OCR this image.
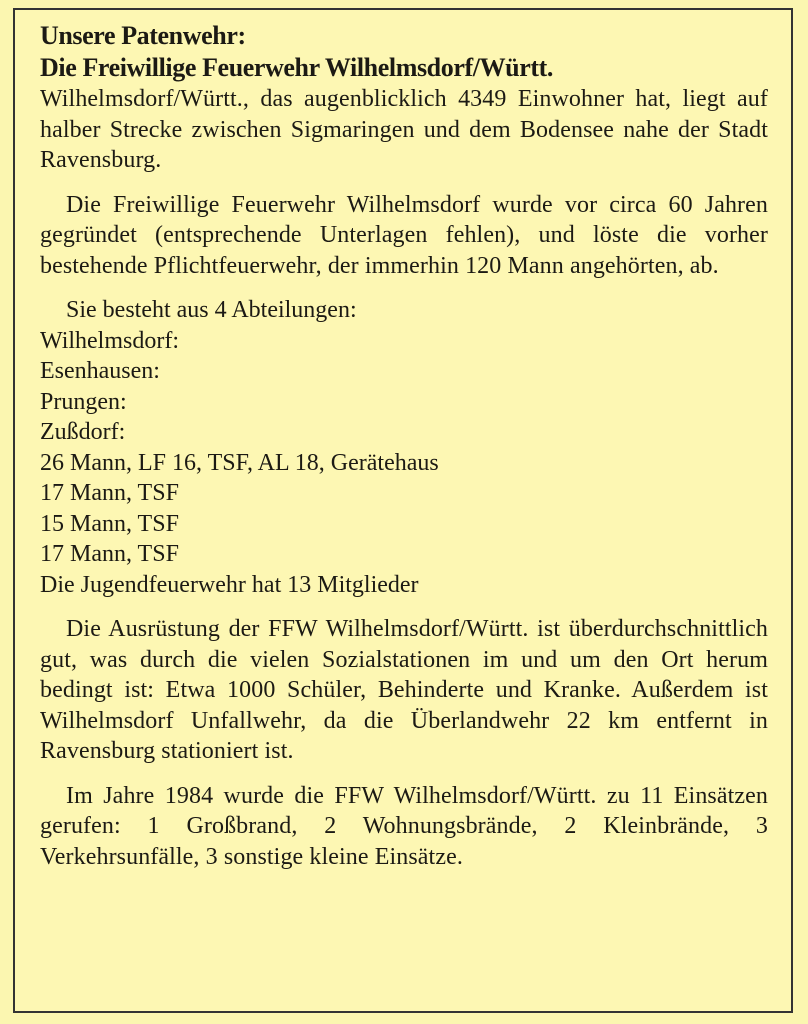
Unsere Patenwehr:

Die Freiwillige Feuerwehr Wilhelmsdorf/Württ.

Wilhelmsdorf/Württ., das augenblicklich 4349 Einwohner hat, liegt auf halber Strecke zwischen Sigmaringen und dem Bodensee nahe der Stadt Ravensburg.

Die Freiwillige Feuerwehr Wilhelmsdorf wurde vor circa 60 Jahren gegründet (entsprechende Unterlagen fehlen), und löste die vorher bestehende Pflichtfeuerwehr, der immerhin 120 Mann angehörten, ab.

Sie besteht aus 4 Abteilungen:

Wilhelmsdorf:

Esenhausen:

Prungen:

Zußdorf:

26 Mann, LF 16, TSF, AL 18, Gerätehaus

17 Mann, TSF

15 Mann, TSF

17 Mann, TSF

Die Jugendfeuerwehr hat 13 Mitglieder

Die Ausrüstung der FFW Wilhelmsdorf/Württ. ist überdurchschnittlich gut, was durch die vielen Sozialstationen im und um den Ort herum bedingt ist: Etwa 1000 Schüler, Behinderte und Kranke. Außerdem ist Wilhelmsdorf Unfallwehr, da die Überlandwehr 22 km entfernt in Ravensburg stationiert ist.

Im Jahre 1984 wurde die FFW Wilhelmsdorf/Württ. zu 11 Einsätzen gerufen: 1 Großbrand, 2 Wohnungsbrände, 2 Kleinbrände, 3 Verkehrsunfälle, 3 sonstige kleine Einsätze.
